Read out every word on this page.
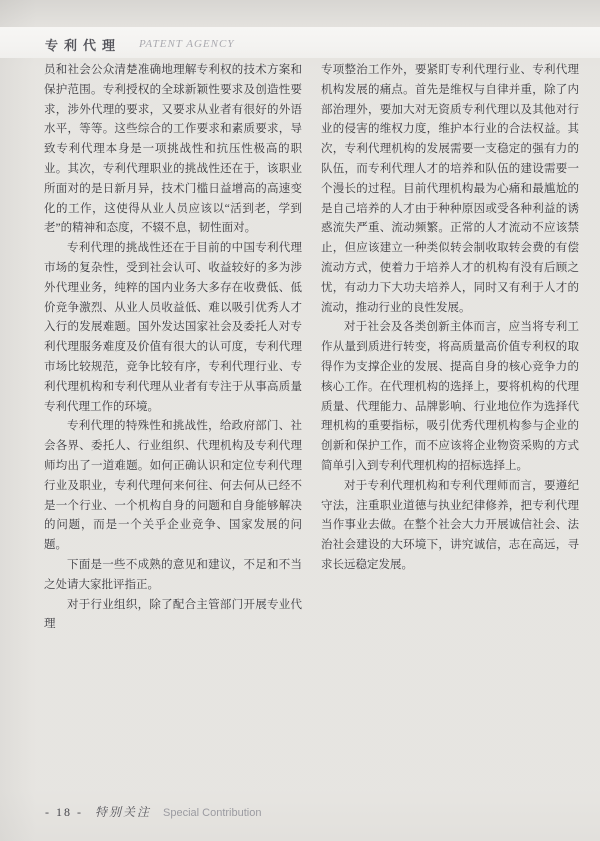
专利代理 PATENT AGENCY

员和社会公众清楚准确地理解专利权的技术方案和保护范围。专利授权的全球新颖性要求及创造性要求，涉外代理的要求，又要求从业者有很好的外语水平，等等。这些综合的工作要求和素质要求，导致专利代理本身是一项挑战性和抗压性极高的职业。其次，专利代理职业的挑战性还在于，该职业所面对的是日新月异，技术门槛日益增高的高速变化的工作，这使得从业人员应该以“活到老，学到老”的精神和态度，不辍不息，韧性面对。

专利代理的挑战性还在于目前的中国专利代理市场的复杂性，受到社会认可、收益较好的多为涉外代理业务，纯粹的国内业务大多存在收费低、低价竞争激烈、从业人员收益低、难以吸引优秀人才入行的发展难题。国外发达国家社会及委托人对专利代理服务难度及价值有很大的认可度，专利代理市场比较规范，竞争比较有序，专利代理行业、专利代理机构和专利代理从业者有专注于从事高质量专利代理工作的环境。

专利代理的特殊性和挑战性，给政府部门、社会各界、委托人、行业组织、代理机构及专利代理师均出了一道难题。如何正确认识和定位专利代理行业及职业，专利代理何来何往、何去何从已经不是一个行业、一个机构自身的问题和自身能够解决的问题，而是一个关乎企业竞争、国家发展的问题。

下面是一些不成熟的意见和建议，不足和不当之处请大家批评指正。

对于行业组织，除了配合主管部门开展专业代理

专项整治工作外，要紧盯专利代理行业、专利代理机构发展的痛点。首先是维权与自律并重，除了内部治理外，要加大对无资质专利代理以及其他对行业的侵害的维权力度，维护本行业的合法权益。其次，专利代理机构的发展需要一支稳定的强有力的队伍，而专利代理人才的培养和队伍的建设需要一个漫长的过程。目前代理机构最为心痛和最尴尬的是自己培养的人才由于种种原因或受各种利益的诱惑流失严重、流动频繁。正常的人才流动不应该禁止，但应该建立一种类似转会制收取转会费的有偿流动方式，使着力于培养人才的机构有没有后顾之忧，有动力下大功夫培养人，同时又有利于人才的流动，推动行业的良性发展。

对于社会及各类创新主体而言，应当将专利工作从量到质进行转变，将高质量高价值专利权的取得作为支撑企业的发展、提高自身的核心竞争力的核心工作。在代理机构的选择上，要将机构的代理质量、代理能力、品牌影响、行业地位作为选择代理机构的重要指标，吸引优秀代理机构参与企业的创新和保护工作，而不应该将企业物资采购的方式简单引入到专利代理机构的招标选择上。

对于专利代理机构和专利代理师而言，要遵纪守法，注重职业道德与执业纪律修养，把专利代理当作事业去做。在整个社会大力开展诚信社会、法治社会建设的大环境下，讲究诚信，志在高远，寻求长远稳定发展。

- 18 - 特别关注 Special Contribution
